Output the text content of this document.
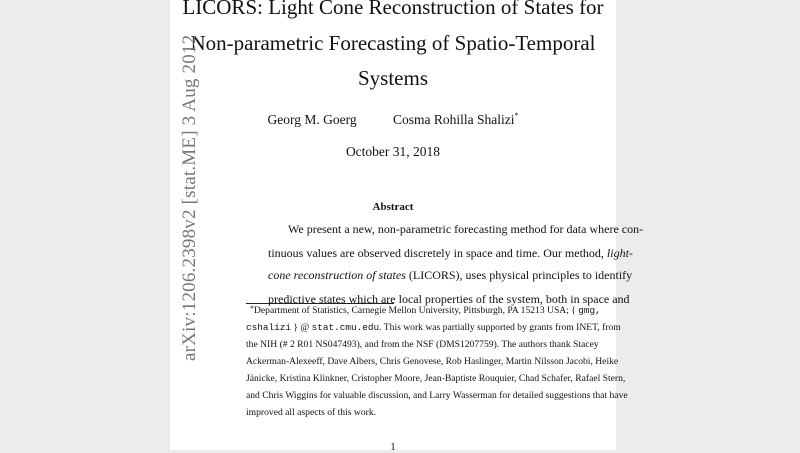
LICORS: Light Cone Reconstruction of States for
Non-parametric Forecasting of Spatio-Temporal
Systems
Georg M. Goerg	Cosma Rohilla Shalizi*
October 31, 2018
Abstract
We present a new, non-parametric forecasting method for data where con-
tinuous values are observed discretely in space and time. Our method, light-
cone reconstruction of states (LICORS), uses physical principles to identify
predictive states which are local properties of the system, both in space and
*Department of Statistics, Carnegie Mellon University, Pittsburgh, PA 15213 USA; { gmg,
cshalizi } @ stat.cmu.edu. This work was partially supported by grants from INET, from
the NIH (# 2 R01 NS047493), and from the NSF (DMS1207759). The authors thank Stacey
Ackerman-Alexeeff, Dave Albers, Chris Genovese, Rob Haslinger, Martin Nilsson Jacobi, Heike
Jänicke, Kristina Klinkner, Cristopher Moore, Jean-Baptiste Rouquier, Chad Schafer, Rafael Stern,
and Chris Wiggins for valuable discussion, and Larry Wasserman for detailed suggestions that have
improved all aspects of this work.
1
arXiv:1206.2398v2 [stat.ME] 3 Aug 2012
